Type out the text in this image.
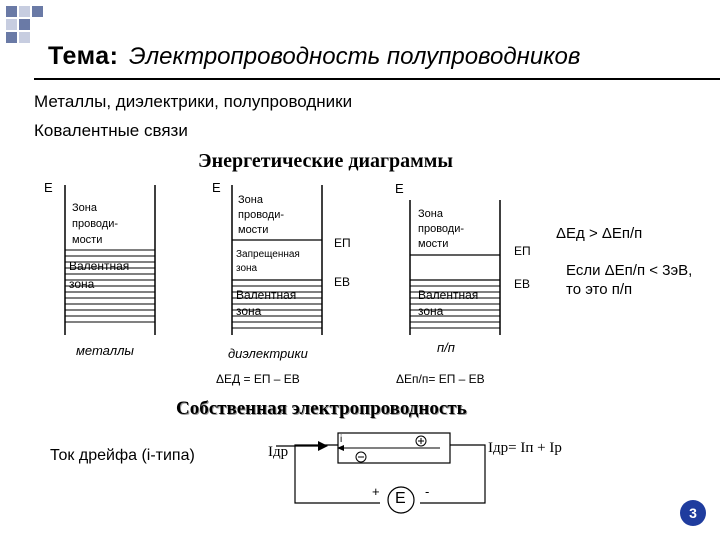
Тема: Электропроводность полупроводников
Металлы, диэлектрики, полупроводники
Ковалентные связи
Энергетические диаграммы
E
Зона
проводи-
мости
Валентная
зона
металлы
E
Зона
проводи-
мости
Запрещенная
зона
Валентная
зона
EП
EВ
диэлектрики
ΔEД = EП – EВ
E
Зона
проводи-
мости
Валентная
зона
EП
EВ
п/п
ΔEп/п= EП – EВ
ΔEд > ΔEп/п
Если ΔEп/п < 3эВ,
то это п/п
Собственная электропроводность
Ток дрейфа (i-типа)	Iдр
i
+ E -
Iдр= Iп + Iр
3
